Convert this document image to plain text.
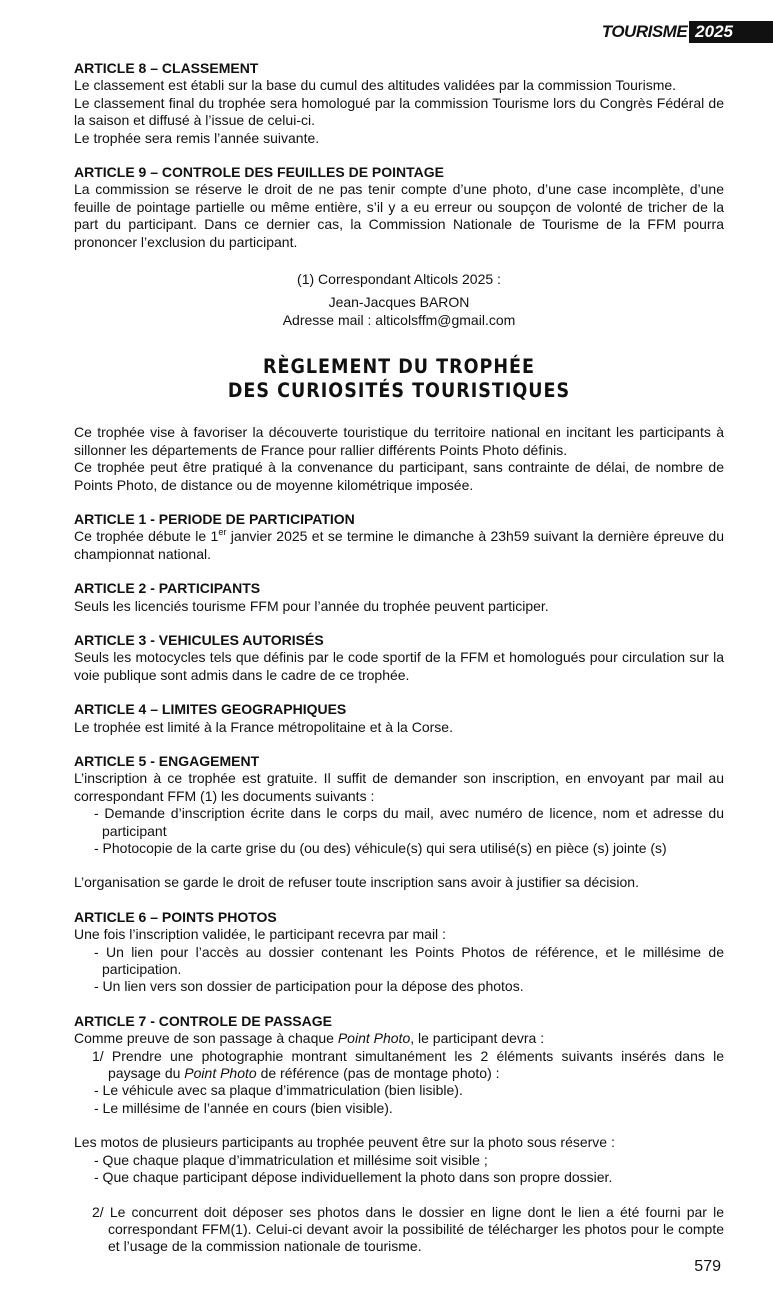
TOURISME 2025

ARTICLE 8 – CLASSEMENT

Le classement est établi sur la base du cumul des altitudes validées par la commission Tourisme.

Le classement final du trophée sera homologué par la commission Tourisme lors du Congrès Fédéral de la saison et diffusé à l’issue de celui-ci.

Le trophée sera remis l’année suivante.

ARTICLE 9 – CONTROLE DES FEUILLES DE POINTAGE

La commission se réserve le droit de ne pas tenir compte d’une photo, d’une case incomplète, d’une feuille de pointage partielle ou même entière, s’il y a eu erreur ou soupçon de volonté de tricher de la part du participant. Dans ce dernier cas, la Commission Nationale de Tourisme de la FFM pourra prononcer l’exclusion du participant.

(1) Correspondant Alticols 2025 :

Jean-Jacques BARON

Adresse mail : alticolsffm@gmail.com

RÈGLEMENT DU TROPHÉE
DES CURIOSITÉS TOURISTIQUES

Ce trophée vise à favoriser la découverte touristique du territoire national en incitant les participants à sillonner les départements de France pour rallier différents Points Photo définis.

Ce trophée peut être pratiqué à la convenance du participant, sans contrainte de délai, de nombre de Points Photo, de distance ou de moyenne kilométrique imposée.

ARTICLE 1 - PERIODE DE PARTICIPATION

Ce trophée débute le 1er janvier 2025 et se termine le dimanche à 23h59 suivant la dernière épreuve du championnat national.

ARTICLE 2 - PARTICIPANTS

Seuls les licenciés tourisme FFM pour l’année du trophée peuvent participer.

ARTICLE 3 - VEHICULES AUTORISÉS

Seuls les motocycles tels que définis par le code sportif de la FFM et homologués pour circulation sur la voie publique sont admis dans le cadre de ce trophée.

ARTICLE 4 – LIMITES GEOGRAPHIQUES

Le trophée est limité à la France métropolitaine et à la Corse.

ARTICLE 5 - ENGAGEMENT

L’inscription à ce trophée est gratuite. Il suffit de demander son inscription, en envoyant par mail au correspondant FFM (1) les documents suivants :

- Demande d’inscription écrite dans le corps du mail, avec numéro de licence, nom et adresse du participant
- Photocopie de la carte grise du (ou des) véhicule(s) qui sera utilisé(s) en pièce (s) jointe (s)

L’organisation se garde le droit de refuser toute inscription sans avoir à justifier sa décision.

ARTICLE 6 – POINTS PHOTOS

Une fois l’inscription validée, le participant recevra par mail :

- Un lien pour l’accès au dossier contenant les Points Photos de référence, et le millésime de participation.
- Un lien vers son dossier de participation pour la dépose des photos.

ARTICLE 7 - CONTROLE DE PASSAGE

Comme preuve de son passage à chaque Point Photo, le participant devra :

1/ Prendre une photographie montrant simultanément les 2 éléments suivants insérés dans le paysage du Point Photo de référence (pas de montage photo) :

- Le véhicule avec sa plaque d’immatriculation (bien lisible).
- Le millésime de l’année en cours (bien visible).

Les motos de plusieurs participants au trophée peuvent être sur la photo sous réserve :

- Que chaque plaque d’immatriculation et millésime soit visible ;
- Que chaque participant dépose individuellement la photo dans son propre dossier.

2/ Le concurrent doit déposer ses photos dans le dossier en ligne dont le lien a été fourni par le correspondant FFM(1). Celui-ci devant avoir la possibilité de télécharger les photos pour le compte et l’usage de la commission nationale de tourisme.

579
